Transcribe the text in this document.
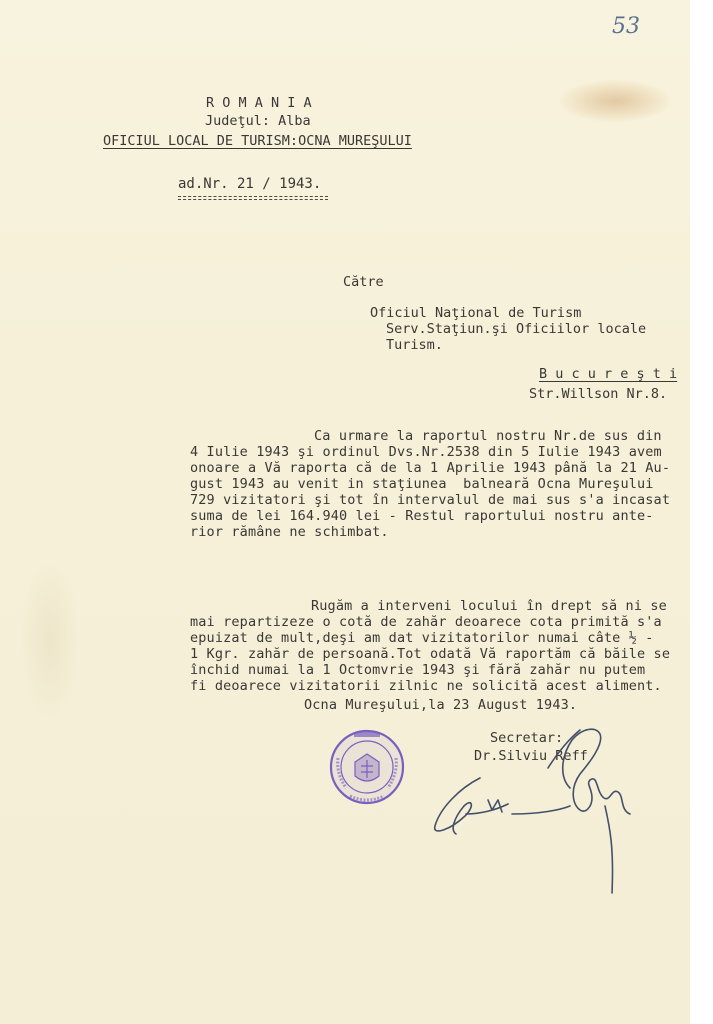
53
R O M A N I A
Judeţul: Alba
OFICIUL LOCAL DE TURISM:OCNA MUREŞULUI
ad.Nr. 21 / 1943.
Către
Oficiul Naţional de Turism
Serv.Staţiun.şi Oficiilor locale
Turism.
B u c u r e ş t i
Str.Willson Nr.8.
Ca urmare la raportul nostru Nr.de sus din
4 Iulie 1943 şi ordinul Dvs.Nr.2538 din 5 Iulie 1943 avem
onoare a Vă raporta că de la 1 Aprilie 1943 până la 21 Au-
gust 1943 au venit in staţiunea  balneară Ocna Mureşului
729 vizitatori şi tot în intervalul de mai sus s'a incasat
suma de lei 164.940 lei - Restul raportului nostru ante-
rior rămâne ne schimbat.
Rugăm a interveni locului în drept să ni se
mai repartizeze o cotă de zahăr deoarece cota primită s'a
epuizat de mult,deşi am dat vizitatorilor numai câte ½ -
1 Kgr. zahăr de persoană.Tot odată Vă raportăm că băile se
închid numai la 1 Octomvrie 1943 şi fără zahăr nu putem
fi deoarece vizitatorii zilnic ne solicită acest aliment.
Ocna Mureşului,la 23 August 1943.
Secretar:
Dr.Silviu Reff
